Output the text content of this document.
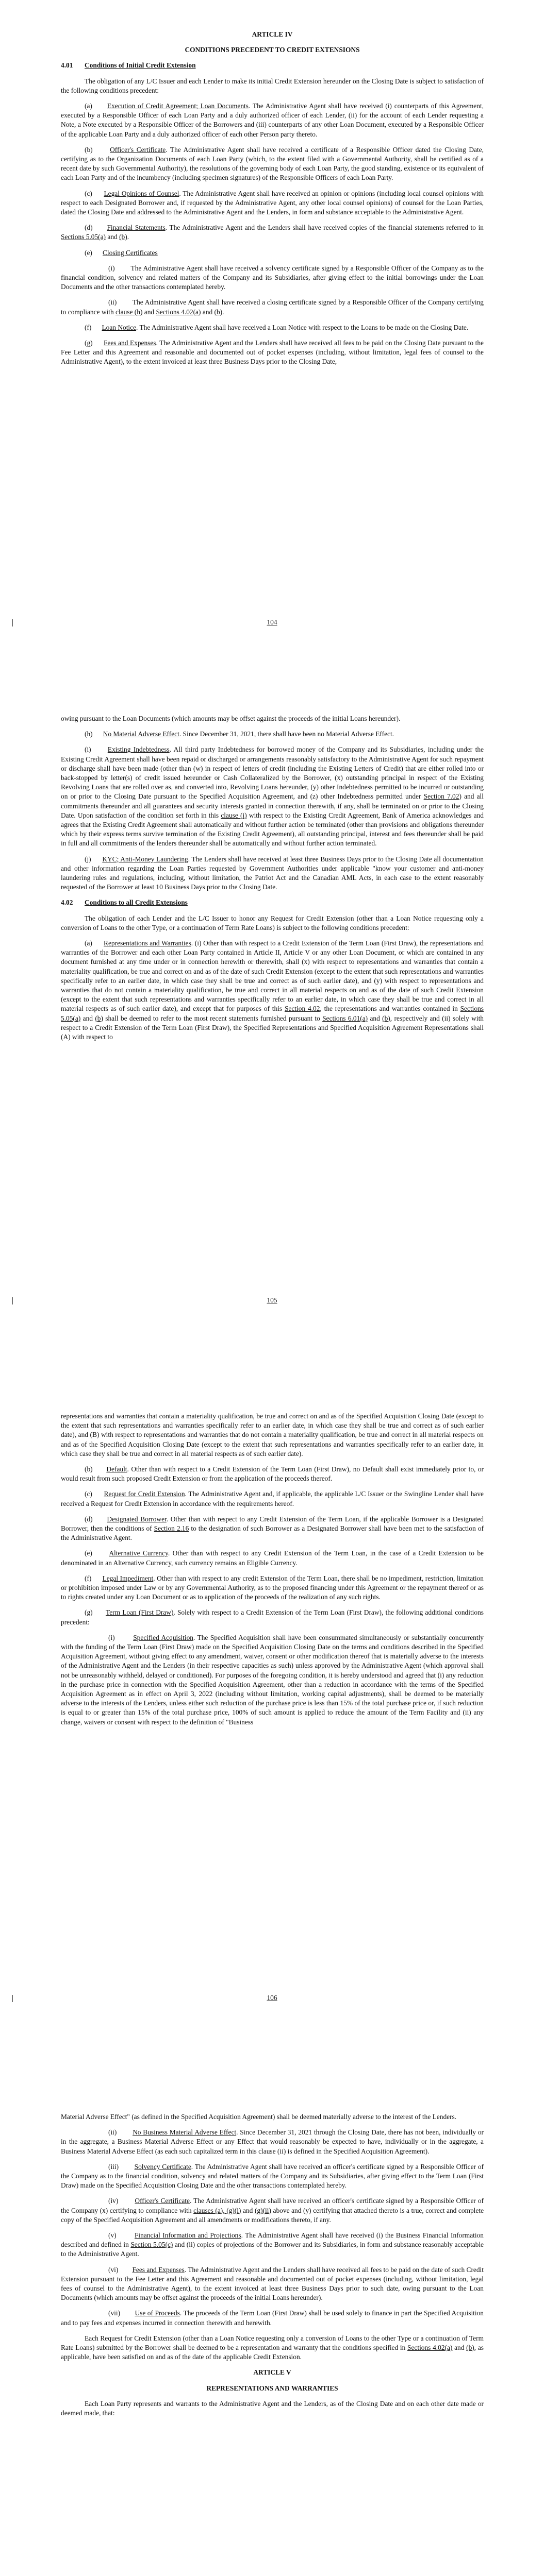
ARTICLE IV

CONDITIONS PRECEDENT TO CREDIT EXTENSIONS

4.01 Conditions of Initial Credit Extension

The obligation of any L/C Issuer and each Lender to make its initial Credit Extension hereunder on the Closing Date is subject to satisfaction of the following conditions precedent:

(a) Execution of Credit Agreement; Loan Documents. The Administrative Agent shall have received (i) counterparts of this Agreement, executed by a Responsible Officer of each Loan Party and a duly authorized officer of each Lender, (ii) for the account of each Lender requesting a Note, a Note executed by a Responsible Officer of the Borrowers and (iii) counterparts of any other Loan Document, executed by a Responsible Officer of the applicable Loan Party and a duly authorized officer of each other Person party thereto.

(b) Officer's Certificate. The Administrative Agent shall have received a certificate of a Responsible Officer dated the Closing Date, certifying as to the Organization Documents of each Loan Party (which, to the extent filed with a Governmental Authority, shall be certified as of a recent date by such Governmental Authority), the resolutions of the governing body of each Loan Party, the good standing, existence or its equivalent of each Loan Party and of the incumbency (including specimen signatures) of the Responsible Officers of each Loan Party.

(c) Legal Opinions of Counsel. The Administrative Agent shall have received an opinion or opinions (including local counsel opinions with respect to each Designated Borrower and, if requested by the Administrative Agent, any other local counsel opinions) of counsel for the Loan Parties, dated the Closing Date and addressed to the Administrative Agent and the Lenders, in form and substance acceptable to the Administrative Agent.

(d) Financial Statements. The Administrative Agent and the Lenders shall have received copies of the financial statements referred to in Sections 5.05(a) and (b).

(e) Closing Certificates

(i) The Administrative Agent shall have received a solvency certificate signed by a Responsible Officer of the Company as to the financial condition, solvency and related matters of the Company and its Subsidiaries, after giving effect to the initial borrowings under the Loan Documents and the other transactions contemplated hereby.

(ii) The Administrative Agent shall have received a closing certificate signed by a Responsible Officer of the Company certifying to compliance with clause (h) and Sections 4.02(a) and (b).

(f) Loan Notice. The Administrative Agent shall have received a Loan Notice with respect to the Loans to be made on the Closing Date.

(g) Fees and Expenses. The Administrative Agent and the Lenders shall have received all fees to be paid on the Closing Date pursuant to the Fee Letter and this Agreement and reasonable and documented out of pocket expenses (including, without limitation, legal fees of counsel to the Administrative Agent), to the extent invoiced at least three Business Days prior to the Closing Date,

104

owing pursuant to the Loan Documents (which amounts may be offset against the proceeds of the initial Loans hereunder).

(h) No Material Adverse Effect. Since December 31, 2021, there shall have been no Material Adverse Effect.

(i) Existing Indebtedness. All third party Indebtedness for borrowed money of the Company and its Subsidiaries, including under the Existing Credit Agreement shall have been repaid or discharged or arrangements reasonably satisfactory to the Administrative Agent for such repayment or discharge shall have been made (other than (w) in respect of letters of credit (including the Existing Letters of Credit) that are either rolled into or back-stopped by letter(s) of credit issued hereunder or Cash Collateralized by the Borrower, (x) outstanding principal in respect of the Existing Revolving Loans that are rolled over as, and converted into, Revolving Loans hereunder, (y) other Indebtedness permitted to be incurred or outstanding on or prior to the Closing Date pursuant to the Specified Acquisition Agreement, and (z) other Indebtedness permitted under Section 7.02) and all commitments thereunder and all guarantees and security interests granted in connection therewith, if any, shall be terminated on or prior to the Closing Date. Upon satisfaction of the condition set forth in this clause (i) with respect to the Existing Credit Agreement, Bank of America acknowledges and agrees that the Existing Credit Agreement shall automatically and without further action be terminated (other than provisions and obligations thereunder which by their express terms survive termination of the Existing Credit Agreement), all outstanding principal, interest and fees thereunder shall be paid in full and all commitments of the lenders thereunder shall be automatically and without further action terminated.

(j) KYC; Anti-Money Laundering. The Lenders shall have received at least three Business Days prior to the Closing Date all documentation and other information regarding the Loan Parties requested by Government Authorities under applicable "know your customer and anti-money laundering rules and regulations, including, without limitation, the Patriot Act and the Canadian AML Acts, in each case to the extent reasonably requested of the Borrower at least 10 Business Days prior to the Closing Date.

4.02 Conditions to all Credit Extensions

The obligation of each Lender and the L/C Issuer to honor any Request for Credit Extension (other than a Loan Notice requesting only a conversion of Loans to the other Type, or a continuation of Term Rate Loans) is subject to the following conditions precedent:

(a) Representations and Warranties. (i) Other than with respect to a Credit Extension of the Term Loan (First Draw), the representations and warranties of the Borrower and each other Loan Party contained in Article II, Article V or any other Loan Document, or which are contained in any document furnished at any time under or in connection herewith or therewith, shall (x) with respect to representations and warranties that contain a materiality qualification, be true and correct on and as of the date of such Credit Extension (except to the extent that such representations and warranties specifically refer to an earlier date, in which case they shall be true and correct as of such earlier date), and (y) with respect to representations and warranties that do not contain a materiality qualification, be true and correct in all material respects on and as of the date of such Credit Extension (except to the extent that such representations and warranties specifically refer to an earlier date, in which case they shall be true and correct in all material respects as of such earlier date), and except that for purposes of this Section 4.02, the representations and warranties contained in Sections 5.05(a) and (b) shall be deemed to refer to the most recent statements furnished pursuant to Sections 6.01(a) and (b), respectively and (ii) solely with respect to a Credit Extension of the Term Loan (First Draw), the Specified Representations and Specified Acquisition Agreement Representations shall (A) with respect to

105

representations and warranties that contain a materiality qualification, be true and correct on and as of the Specified Acquisition Closing Date (except to the extent that such representations and warranties specifically refer to an earlier date, in which case they shall be true and correct as of such earlier date), and (B) with respect to representations and warranties that do not contain a materiality qualification, be true and correct in all material respects on and as of the Specified Acquisition Closing Date (except to the extent that such representations and warranties specifically refer to an earlier date, in which case they shall be true and correct in all material respects as of such earlier date).

(b) Default. Other than with respect to a Credit Extension of the Term Loan (First Draw), no Default shall exist immediately prior to, or would result from such proposed Credit Extension or from the application of the proceeds thereof.

(c) Request for Credit Extension. The Administrative Agent and, if applicable, the applicable L/C Issuer or the Swingline Lender shall have received a Request for Credit Extension in accordance with the requirements hereof.

(d) Designated Borrower. Other than with respect to any Credit Extension of the Term Loan, if the applicable Borrower is a Designated Borrower, then the conditions of Section 2.16 to the designation of such Borrower as a Designated Borrower shall have been met to the satisfaction of the Administrative Agent.

(e) Alternative Currency. Other than with respect to any Credit Extension of the Term Loan, in the case of a Credit Extension to be denominated in an Alternative Currency, such currency remains an Eligible Currency.

(f) Legal Impediment. Other than with respect to any credit Extension of the Term Loan, there shall be no impediment, restriction, limitation or prohibition imposed under Law or by any Governmental Authority, as to the proposed financing under this Agreement or the repayment thereof or as to rights created under any Loan Document or as to application of the proceeds of the realization of any such rights.

(g) Term Loan (First Draw). Solely with respect to a Credit Extension of the Term Loan (First Draw), the following additional conditions precedent:

(i)	Specified Acquisition. The Specified Acquisition shall have been consummated simultaneously or substantially concurrently with the funding of the Term Loan (First Draw) made on the Specified Acquisition Closing Date on the terms and conditions described in the Specified Acquisition Agreement, without giving effect to any amendment, waiver, consent or other modification thereof that is materially adverse to the interests of the Administrative Agent and the Lenders (in their respective capacities as such) unless approved by the Administrative Agent (which approval shall not be unreasonably withheld, delayed or conditioned). For purposes of the foregoing condition, it is hereby understood and agreed that (i) any reduction in the purchase price in connection with the Specified Acquisition Agreement, other than a reduction in accordance with the terms of the Specified Acquisition Agreement as in effect on April 3, 2022 (including without limitation, working capital adjustments), shall be deemed to be materially adverse to the interests of the Lenders, unless either such reduction of the purchase price is less than 15% of the total purchase price or, if such reduction is equal to or greater than 15% of the total purchase price, 100% of such amount is applied to reduce the amount of the Term Facility and (ii) any change, waivers or consent with respect to the definition of "Business

106

Material Adverse Effect" (as defined in the Specified Acquisition Agreement) shall be deemed materially adverse to the interest of the Lenders.

(ii) No Business Material Adverse Effect. Since December 31, 2021 through the Closing Date, there has not been, individually or in the aggregate, a Business Material Adverse Effect or any Effect that would reasonably be expected to have, individually or in the aggregate, a Business Material Adverse Effect (as each such capitalized term in this clause (ii) is defined in the Specified Acquisition Agreement).

(iii) Solvency Certificate. The Administrative Agent shall have received an officer's certificate signed by a Responsible Officer of the Company as to the financial condition, solvency and related matters of the Company and its Subsidiaries, after giving effect to the Term Loan (First Draw) made on the Specified Acquisition Closing Date and the other transactions contemplated hereby.

(iv) Officer's Certificate. The Administrative Agent shall have received an officer's certificate signed by a Responsible Officer of the Company (x) certifying to compliance with clauses (a), (g)(i) and (g)(ii) above and (y) certifying that attached thereto is a true, correct and complete copy of the Specified Acquisition Agreement and all amendments or modifications thereto, if any.

(v)	Financial Information and Projections. The Administrative Agent shall have received (i) the Business Financial Information described and defined in Section 5.05(c) and (ii) copies of projections of the Borrower and its Subsidiaries, in form and substance reasonably acceptable to the Administrative Agent.

(vi) Fees and Expenses. The Administrative Agent and the Lenders shall have received all fees to be paid on the date of such Credit Extension pursuant to the Fee Letter and this Agreement and reasonable and documented out of pocket expenses (including, without limitation, legal fees of counsel to the Administrative Agent), to the extent invoiced at least three Business Days prior to such date, owing pursuant to the Loan Documents (which amounts may be offset against the proceeds of the initial Loans hereunder).

(vii) Use of Proceeds. The proceeds of the Term Loan (First Draw) shall be used solely to finance in part the Specified Acquisition and to pay fees and expenses incurred in connection therewith and herewith.

Each Request for Credit Extension (other than a Loan Notice requesting only a conversion of Loans to the other Type or a continuation of Term Rate Loans) submitted by the Borrower shall be deemed to be a representation and warranty that the conditions specified in Sections 4.02(a) and (b), as applicable, have been satisfied on and as of the date of the applicable Credit Extension.

ARTICLE V

REPRESENTATIONS AND WARRANTIES

Each Loan Party represents and warrants to the Administrative Agent and the Lenders, as of the Closing Date and on each other date made or deemed made, that:
